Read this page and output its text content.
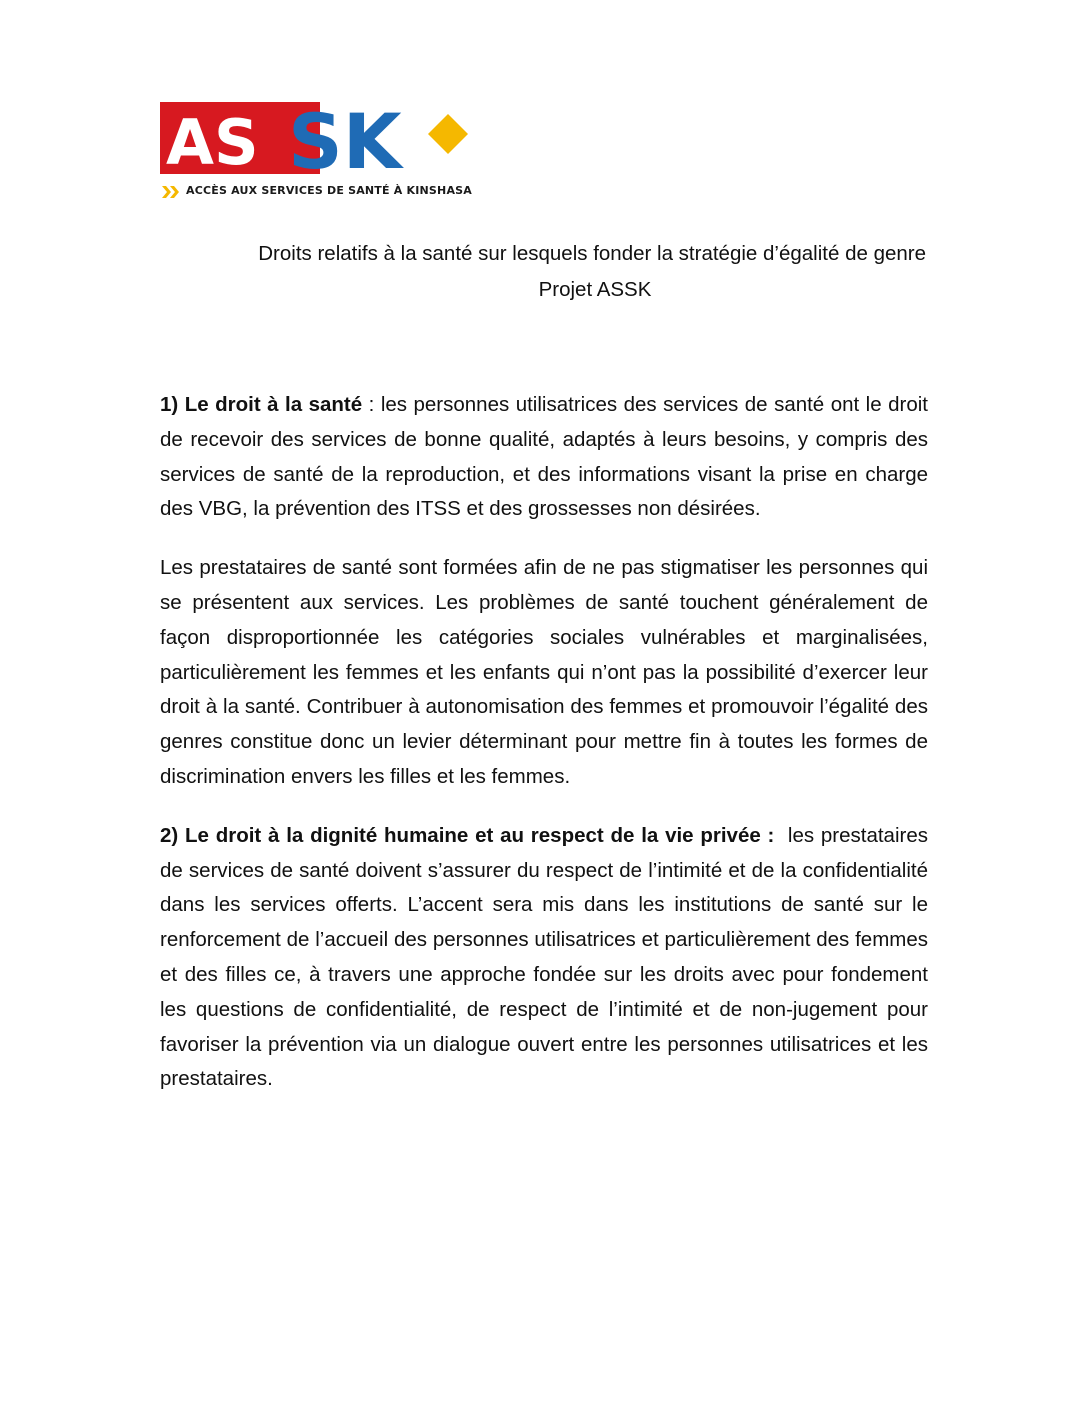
AS SK
ACCÈS AUX SERVICES DE SANTÉ À KINSHASA
Droits relatifs à la santé sur lesquels fonder la stratégie d’égalité de genre
Projet ASSK

1) Le droit à la santé : les personnes utilisatrices des services de santé ont le droit de recevoir des services de bonne qualité, adaptés à leurs besoins, y compris des services de santé de la reproduction, et des informations visant la prise en charge des VBG, la prévention des ITSS et des grossesses non désirées.

Les prestataires de santé sont formées afin de ne pas stigmatiser les personnes qui se présentent aux services. Les problèmes de santé touchent généralement de façon disproportionnée les catégories sociales vulnérables et marginalisées, particulièrement les femmes et les enfants qui n’ont pas la possibilité d’exercer leur droit à la santé. Contribuer à autonomisation des femmes et promouvoir l’égalité des genres constitue donc un levier déterminant pour mettre fin à toutes les formes de discrimination envers les filles et les femmes.

2) Le droit à la dignité humaine et au respect de la vie privée :  les prestataires de services de santé doivent s’assurer du respect de l’intimité et de la confidentialité dans les services offerts. L’accent sera mis dans les institutions de santé sur le renforcement de l’accueil des personnes utilisatrices et particulièrement des femmes et des filles ce, à travers une approche fondée sur les droits avec pour fondement les questions de confidentialité, de respect de l’intimité et de non-jugement pour favoriser la prévention via un dialogue ouvert entre les personnes utilisatrices et les prestataires.
